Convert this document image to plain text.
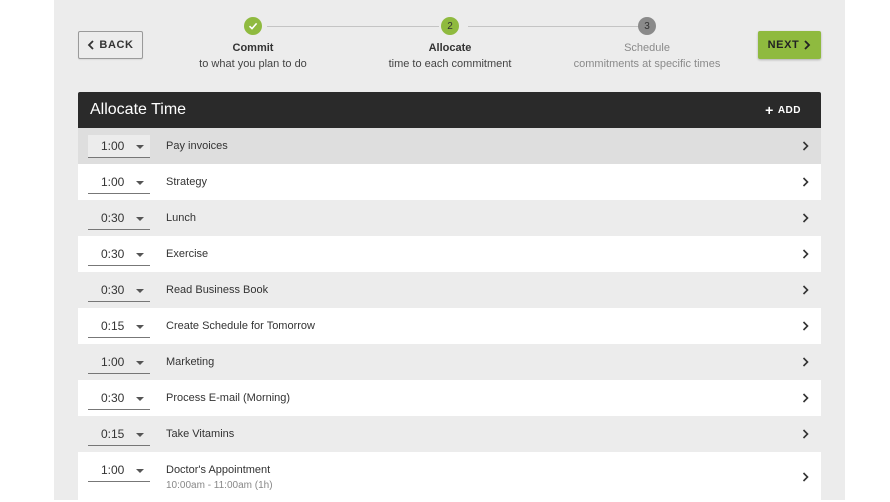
BACK	Commit
to what you plan to do
2
Allocate
time to each commitment
3
Schedule
commitments at specific times
NEXT
Allocate Time	+ ADD
1:00	Pay invoices
1:00	Strategy
0:30	Lunch
0:30	Exercise
0:30	Read Business Book
0:15	Create Schedule for Tomorrow
1:00	Marketing
0:30	Process E-mail (Morning)
0:15	Take Vitamins
1:00	Doctor's Appointment
10:00am - 11:00am (1h)
